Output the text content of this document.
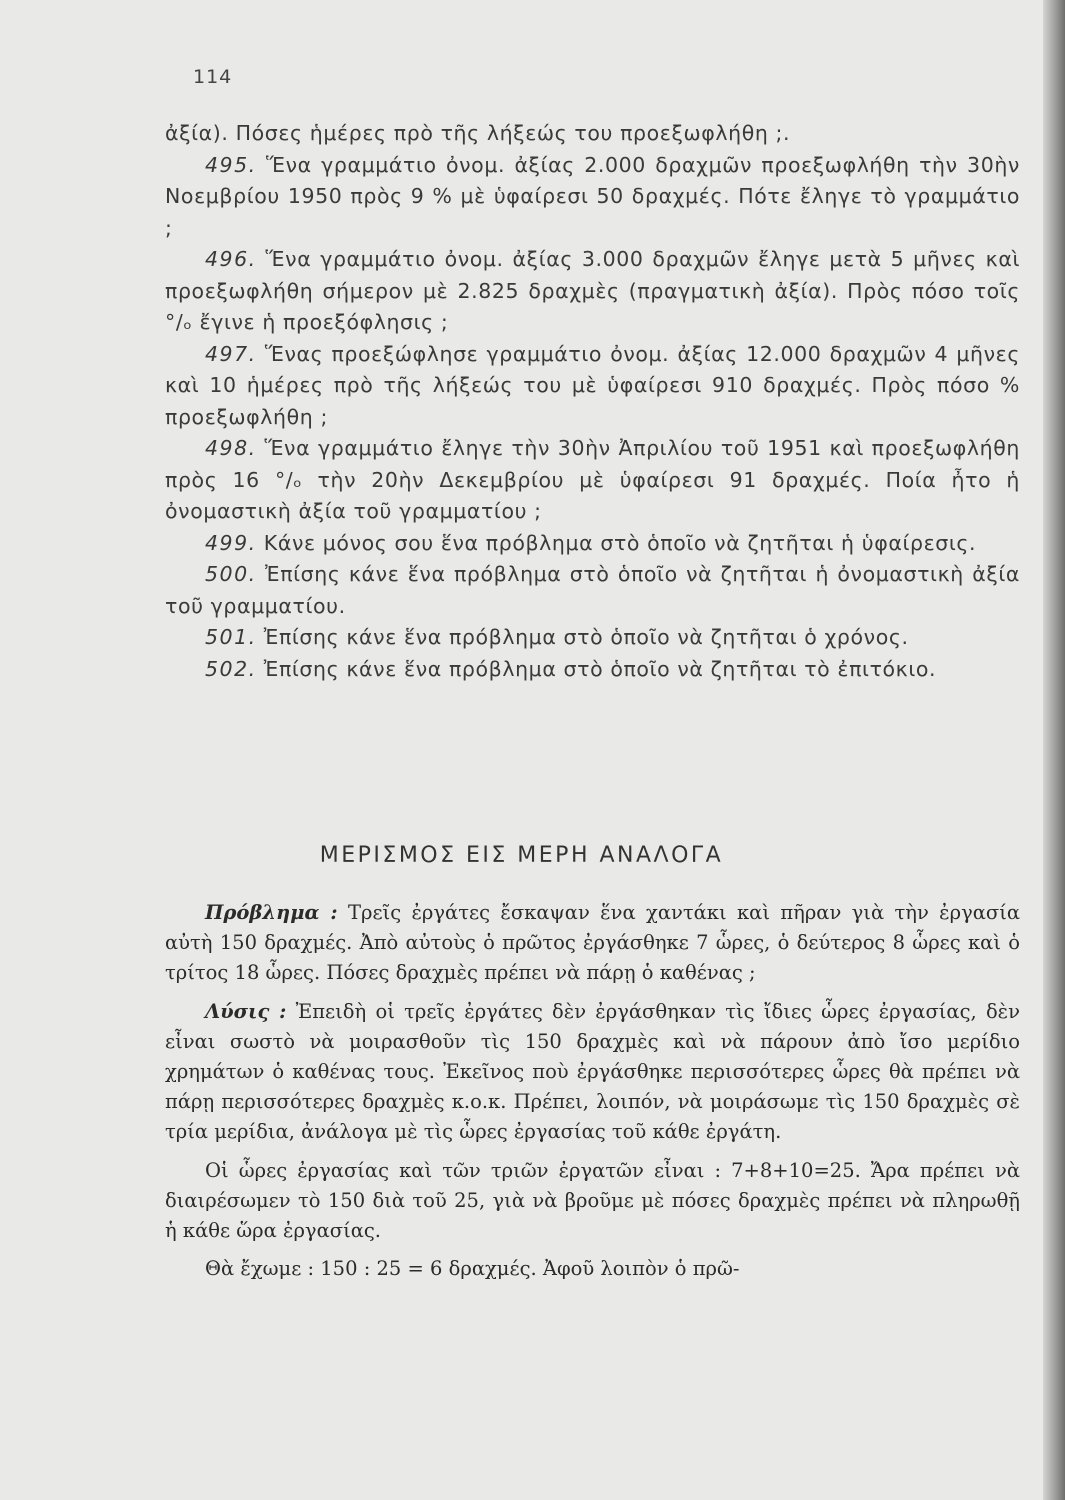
114

ἀξία). Πόσες ἡμέρες πρὸ τῆς λήξεώς του προεξωφλήθη ;.

495. Ἕνα γραμμάτιο ὀνομ. ἀξίας 2.000 δραχμῶν προεξωφλήθη τὴν 30ὴν Νοεμβρίου 1950 πρὸς 9 % μὲ ὑφαίρεσι 50 δραχμές. Πότε ἔληγε τὸ γραμμάτιο ;

496. Ἕνα γραμμάτιο ὀνομ. ἀξίας 3.000 δραχμῶν ἔληγε μετὰ 5 μῆνες καὶ προεξωφλήθη σήμερον μὲ 2.825 δραχμὲς (πραγματικὴ ἀξία). Πρὸς πόσο τοῖς °/ₒ ἔγινε ἡ προεξόφλησις ;

497. Ἕνας προεξώφλησε γραμμάτιο ὀνομ. ἀξίας 12.000 δραχμῶν 4 μῆνες καὶ 10 ἡμέρες πρὸ τῆς λήξεώς του μὲ ὑφαίρεσι 910 δραχμές. Πρὸς πόσο % προεξωφλήθη ;

498. Ἕνα γραμμάτιο ἔληγε τὴν 30ὴν Ἀπριλίου τοῦ 1951 καὶ προεξωφλήθη πρὸς 16 °/ₒ τὴν 20ὴν Δεκεμβρίου μὲ ὑφαίρεσι 91 δραχμές. Ποία ἦτο ἡ ὀνομαστικὴ ἀξία τοῦ γραμματίου ;

499. Κάνε μόνος σου ἕνα πρόβλημα στὸ ὁποῖο νὰ ζητῆται ἡ ὑφαίρεσις.

500. Ἐπίσης κάνε ἕνα πρόβλημα στὸ ὁποῖο νὰ ζητῆται ἡ ὀνομαστικὴ ἀξία τοῦ γραμματίου.

501. Ἐπίσης κάνε ἕνα πρόβλημα στὸ ὁποῖο νὰ ζητῆται ὁ χρόνος.

502. Ἐπίσης κάνε ἕνα πρόβλημα στὸ ὁποῖο νὰ ζητῆται τὸ ἐπιτόκιο.

ΜΕΡΙΣΜΟΣ ΕΙΣ ΜΕΡΗ ΑΝΑΛΟΓΑ

Πρόβλημα : Τρεῖς ἐργάτες ἔσκαψαν ἕνα χαντάκι καὶ πῆραν γιὰ τὴν ἐργασία αὐτὴ 150 δραχμές. Ἀπὸ αὐτοὺς ὁ πρῶτος ἐργάσθηκε 7 ὧρες, ὁ δεύτερος 8 ὧρες καὶ ὁ τρίτος 18 ὧρες. Πόσες δραχμὲς πρέπει νὰ πάρῃ ὁ καθένας ;

Λύσις : Ἐπειδὴ οἱ τρεῖς ἐργάτες δὲν ἐργάσθηκαν τὶς ἴδιες ὧρες ἐργασίας, δὲν εἶναι σωστὸ νὰ μοιρασθοῦν τὶς 150 δραχμὲς καὶ νὰ πάρουν ἀπὸ ἴσο μερίδιο χρημάτων ὁ καθένας τους. Ἐκεῖνος ποὺ ἐργάσθηκε περισσότερες ὧρες θὰ πρέπει νὰ πάρῃ περισσότερες δραχμὲς κ.ο.κ. Πρέπει, λοιπόν, νὰ μοιράσωμε τὶς 150 δραχμὲς σὲ τρία μερίδια, ἀνάλογα μὲ τὶς ὧρες ἐργασίας τοῦ κάθε ἐργάτη.

Οἱ ὧρες ἐργασίας καὶ τῶν τριῶν ἐργατῶν εἶναι : 7+8+10=25. Ἄρα πρέπει νὰ διαιρέσωμεν τὸ 150 διὰ τοῦ 25, γιὰ νὰ βροῦμε μὲ πόσες δραχμὲς πρέπει νὰ πληρωθῇ ἡ κάθε ὥρα ἐργασίας.

Θὰ ἔχωμε : 150 : 25 = 6 δραχμές. Ἀφοῦ λοιπὸν ὁ πρῶ-
